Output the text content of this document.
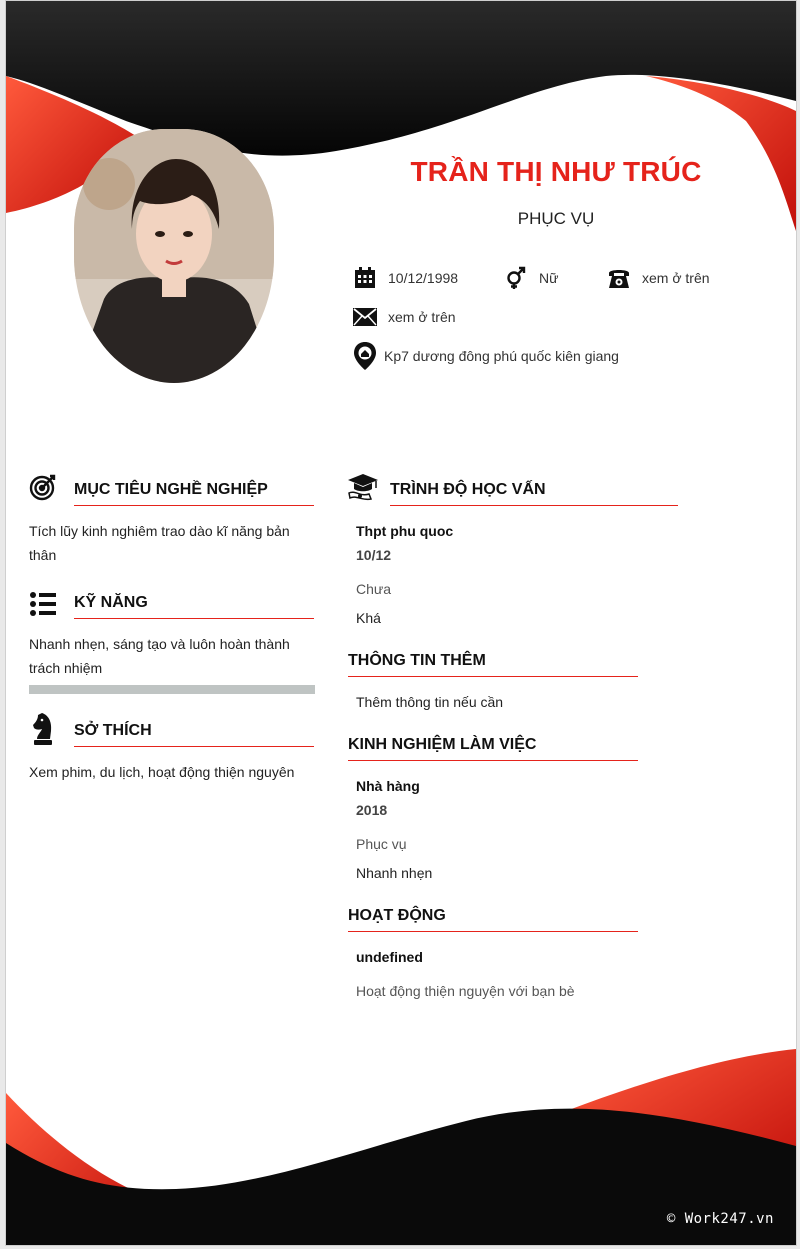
TRẦN THỊ NHƯ TRÚC
PHỤC VỤ
10/12/1998	Nữ	xem ở trên
xem ở trên
Kp7 dương đông phú quốc kiên giang
MỤC TIÊU NGHỀ NGHIỆP
Tích lũy kinh nghiêm trao dào kĩ năng bản
thân
KỸ NĂNG
Nhanh nhẹn, sáng tạo và luôn hoàn thành
trách nhiệm
SỞ THÍCH
Xem phim, du lịch, hoạt động thiện nguyên
TRÌNH ĐỘ HỌC VẤN
Thpt phu quoc
10/12
Chưa
Khá
THÔNG TIN THÊM
Thêm thông tin nếu cần
KINH NGHIỆM LÀM VIỆC
Nhà hàng
2018
Phục vụ
Nhanh nhẹn
HOẠT ĐỘNG
undefined
Hoạt động thiện nguyện với bạn bè
© Work247.vn
